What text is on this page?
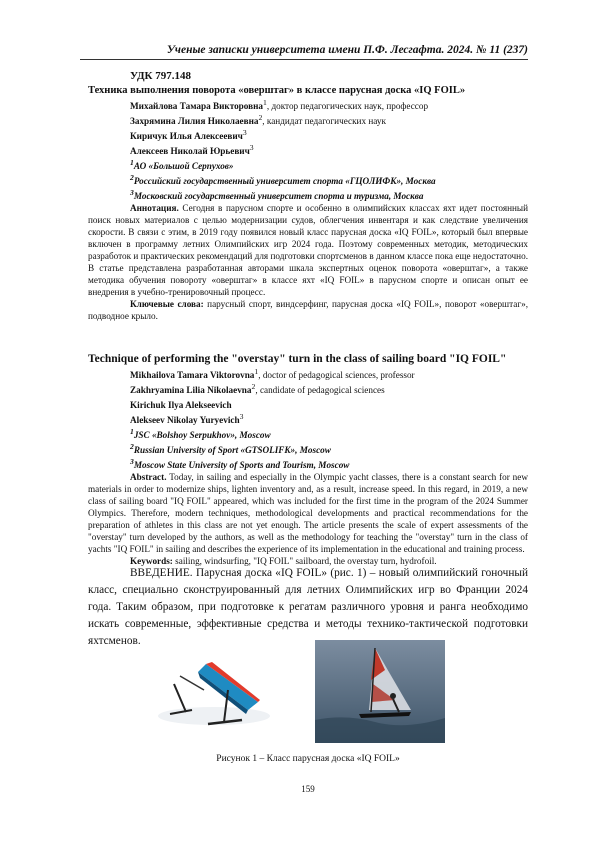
Ученые записки университета имени П.Ф. Лесгафта. 2024. № 11 (237)
УДК 797.148
Техника выполнения поворота «оверштаг» в классе парусная доска «IQ FOIL»
Михайлова Тамара Викторовна1, доктор педагогических наук, профессор
Захрямина Лилия Николаевна2, кандидат педагогических наук
Киричук Илья Алексеевич3
Алексеев Николай Юрьевич3
1АО «Большой Серпухов»
2Российский государственный университет спорта «ГЦОЛИФК», Москва
3Московский государственный университет спорта и туризма, Москва

Аннотация. Сегодня в парусном спорте и особенно в олимпийских классах яхт идет постоянный поиск новых материалов с целью модернизации судов, облегчения инвентаря и как следствие увеличения скорости. В связи с этим, в 2019 году появился новый класс парусная доска «IQ FOIL», который был впервые включен в программу летних Олимпийских игр 2024 года. Поэтому современных методик, методических разработок и практических рекомендаций для подготовки спортсменов в данном классе пока еще недостаточно. В статье представлена разработанная авторами шкала экспертных оценок поворота «оверштаг», а также методика обучения повороту «оверштаг» в классе яхт «IQ FOIL» в парусном спорте и описан опыт ее внедрения в учебно-тренировочный процесс.

Ключевые слова: парусный спорт, виндсерфинг, парусная доска «IQ FOIL», поворот «оверштаг», подводное крыло.

Technique of performing the "overstay" turn in the class of sailing board "IQ FOIL"
Mikhailova Tamara Viktorovna1, doctor of pedagogical sciences, professor
Zakhryamina Lilia Nikolaevna2, candidate of pedagogical sciences
Kirichuk Ilya Alekseevich
Alekseev Nikolay Yuryevich3
1JSC «Bolshoy Serpukhov», Moscow
2Russian University of Sport «GTSOLIFK», Moscow
3Moscow State University of Sports and Tourism, Moscow

Abstract. Today, in sailing and especially in the Olympic yacht classes, there is a constant search for new materials in order to modernize ships, lighten inventory and, as a result, increase speed. In this regard, in 2019, a new class of sailing board "IQ FOIL" appeared, which was included for the first time in the program of the 2024 Summer Olympics. Therefore, modern techniques, methodological developments and practical recommendations for the preparation of athletes in this class are not yet enough. The article presents the scale of expert assessments of the "overstay" turn developed by the authors, as well as the methodology for teaching the "overstay" turn in the class of yachts "IQ FOIL" in sailing and describes the experience of its implementation in the educational and training process.

Keywords: sailing, windsurfing, "IQ FOIL" sailboard, the overstay turn, hydrofoil.

ВВЕДЕНИЕ. Парусная доска «IQ FOIL» (рис. 1) – новый олимпийский гоночный класс, специально сконструированный для летних Олимпийских игр во Франции 2024 года. Таким образом, при подготовке к регатам различного уровня и ранга необходимо искать современные, эффективные средства и методы технико-тактической подготовки яхтсменов.

Рисунок 1 – Класс парусная доска «IQ FOIL»
159
